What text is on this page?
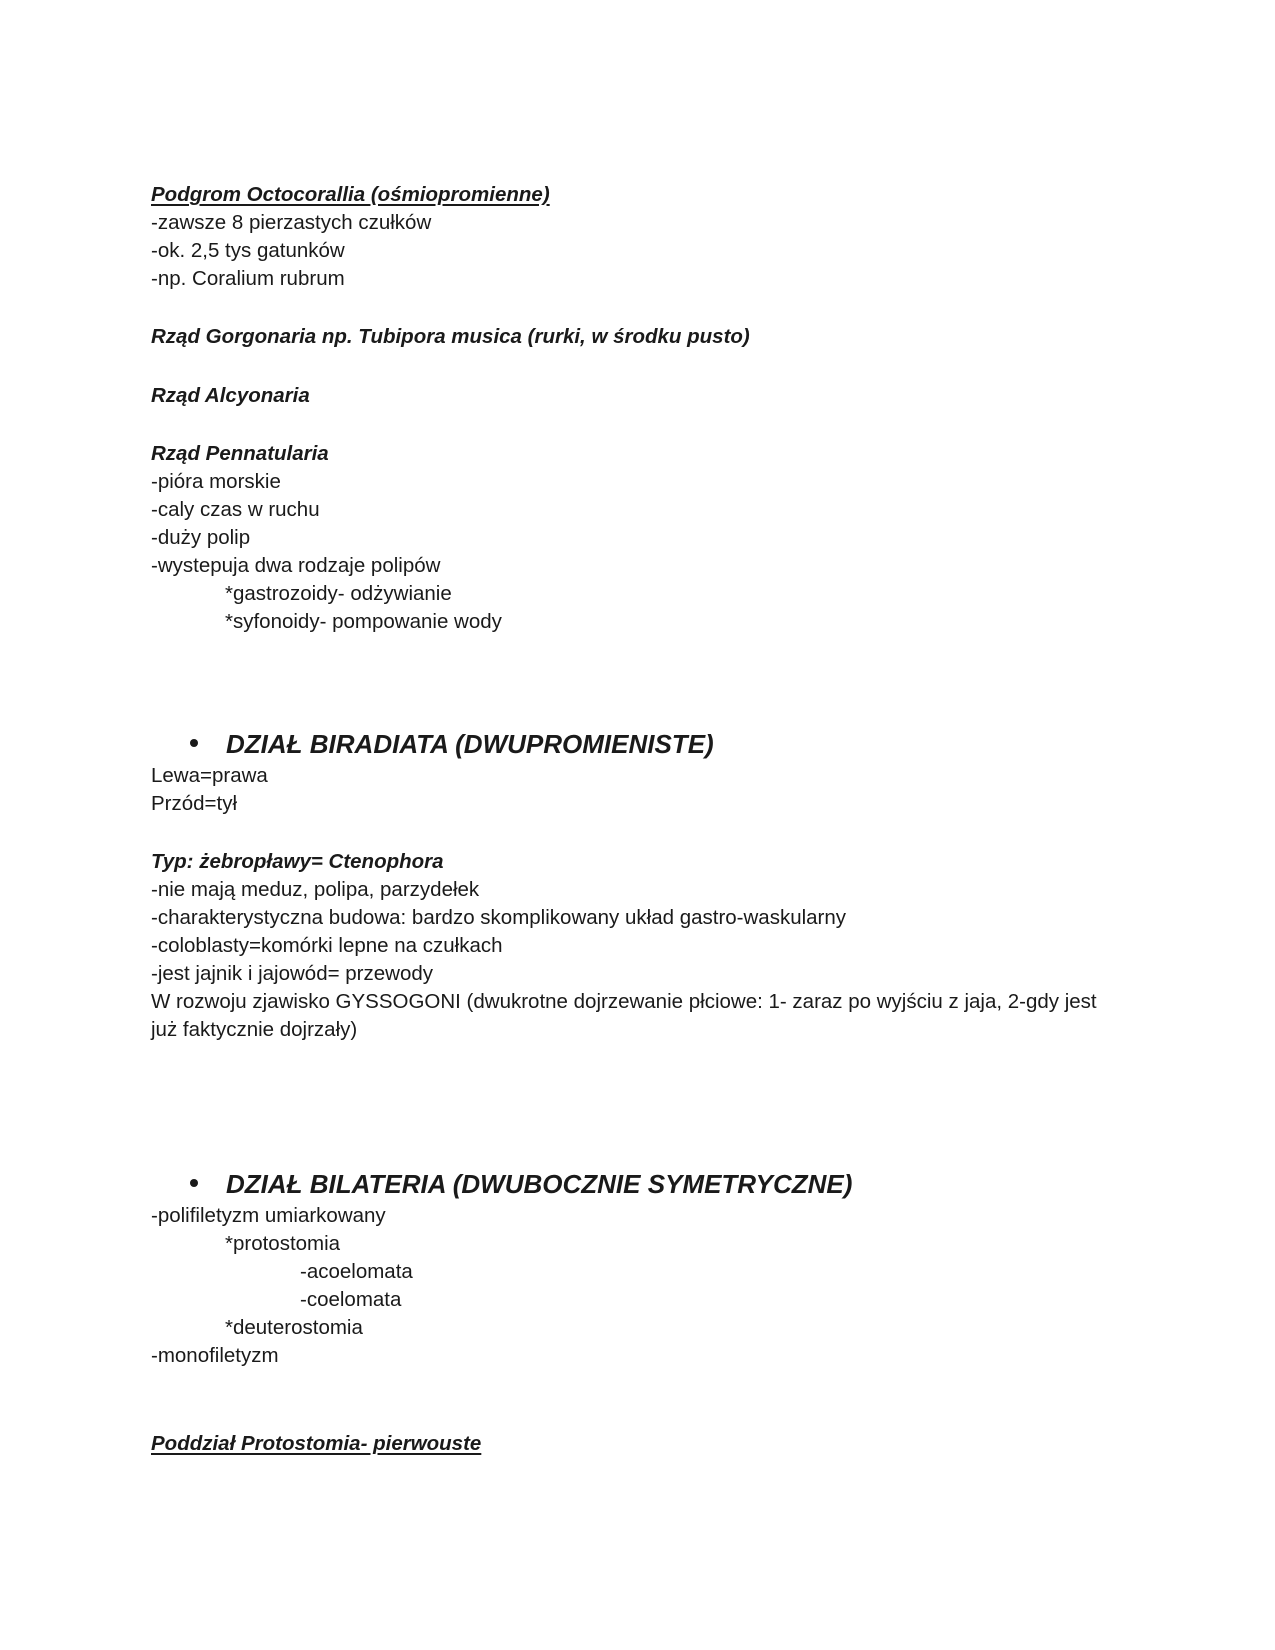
Podgrom Octocorallia (ośmiopromienne)
-zawsze 8 pierzastych czułków
-ok. 2,5 tys gatunków
-np. Coralium rubrum
Rząd Gorgonaria np. Tubipora musica (rurki, w środku pusto)
Rząd Alcyonaria
Rząd Pennatularia
-pióra morskie
-caly czas w ruchu
-duży polip
-wystepuja dwa rodzaje polipów
*gastrozoidy- odżywianie
*syfonoidy- pompowanie wody
DZIAŁ BIRADIATA (DWUPROMIENISTE)
Lewa=prawa
Przód=tył
Typ: żebropławy= Ctenophora
-nie mają meduz, polipa, parzydełek
-charakterystyczna budowa: bardzo skomplikowany układ gastro-waskularny
-coloblasty=komórki lepne na czułkach
-jest jajnik i jajowód= przewody
W rozwoju zjawisko GYSSOGONI (dwukrotne dojrzewanie płciowe: 1- zaraz po wyjściu z jaja, 2-gdy jest
już faktycznie dojrzały)
DZIAŁ BILATERIA (DWUBOCZNIE SYMETRYCZNE)
-polifiletyzm umiarkowany
*protostomia
-acoelomata
-coelomata
*deuterostomia
-monofiletyzm
Poddział Protostomia- pierwouste
